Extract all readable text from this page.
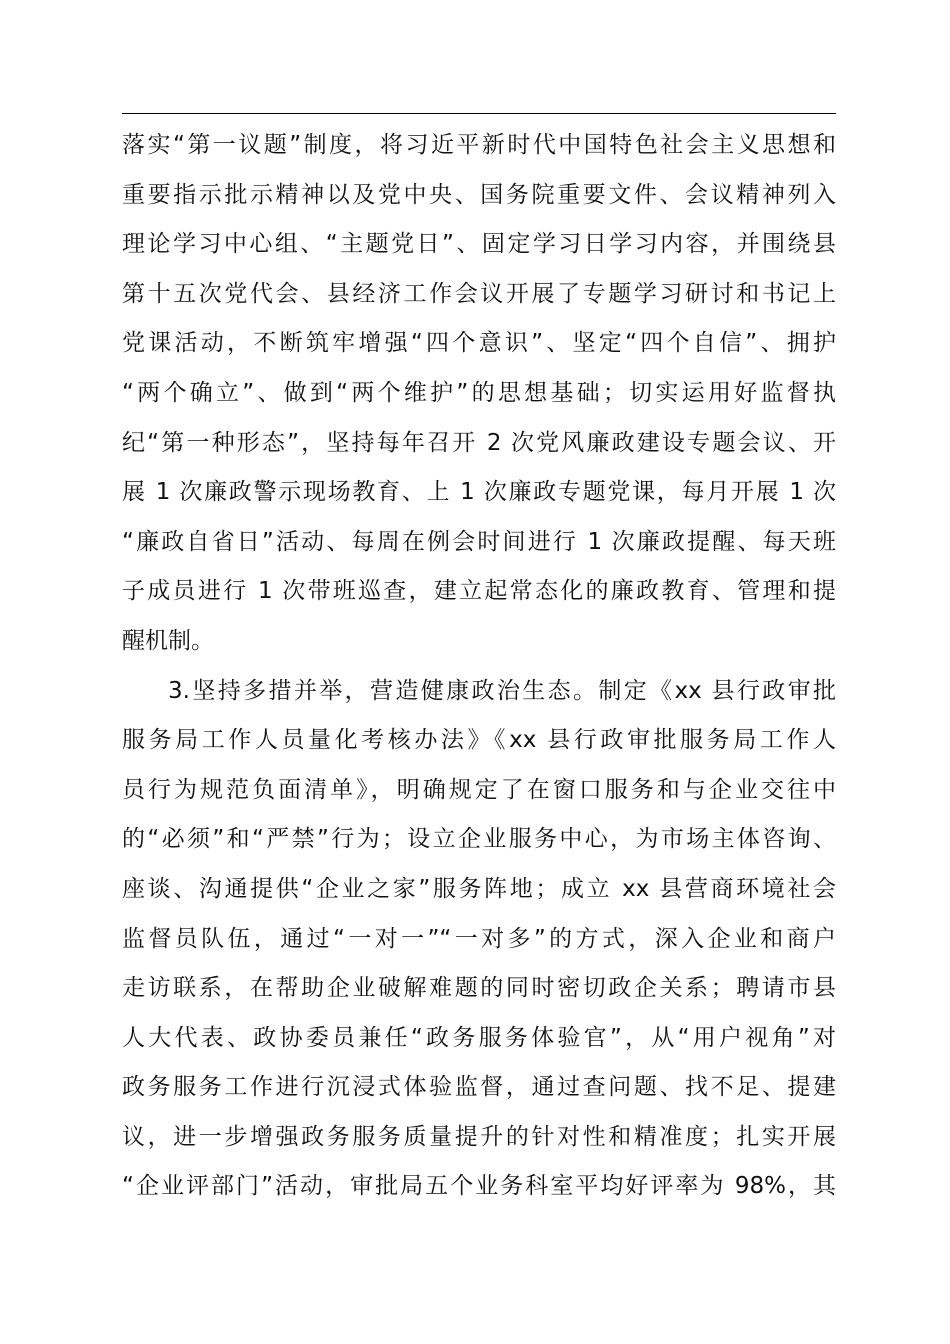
落实“第一议题”制度，将习近平新时代中国特色社会主义思想和
重要指示批示精神以及党中央、国务院重要文件、会议精神列入
理论学习中心组、“主题党日”、固定学习日学习内容，并围绕县
第十五次党代会、县经济工作会议开展了专题学习研讨和书记上
党课活动，不断筑牢增强“四个意识”、坚定“四个自信”、拥护
“两个确立”、做到“两个维护”的思想基础；切实运用好监督执
纪“第一种形态”，坚持每年召开 2 次党风廉政建设专题会议、开
展 1 次廉政警示现场教育、上 1 次廉政专题党课，每月开展 1 次
“廉政自省日”活动、每周在例会时间进行 1 次廉政提醒、每天班
子成员进行 1 次带班巡查，建立起常态化的廉政教育、管理和提
醒机制。
3.坚持多措并举，营造健康政治生态。制定《xx 县行政审批
服务局工作人员量化考核办法》《xx 县行政审批服务局工作人
员行为规范负面清单》，明确规定了在窗口服务和与企业交往中
的“必须”和“严禁”行为；设立企业服务中心，为市场主体咨询、
座谈、沟通提供“企业之家”服务阵地；成立 xx 县营商环境社会
监督员队伍，通过“一对一”“一对多”的方式，深入企业和商户
走访联系，在帮助企业破解难题的同时密切政企关系；聘请市县
人大代表、政协委员兼任“政务服务体验官”，从“用户视角”对
政务服务工作进行沉浸式体验监督，通过查问题、找不足、提建
议，进一步增强政务服务质量提升的针对性和精准度；扎实开展
“企业评部门”活动，审批局五个业务科室平均好评率为 98%，其
